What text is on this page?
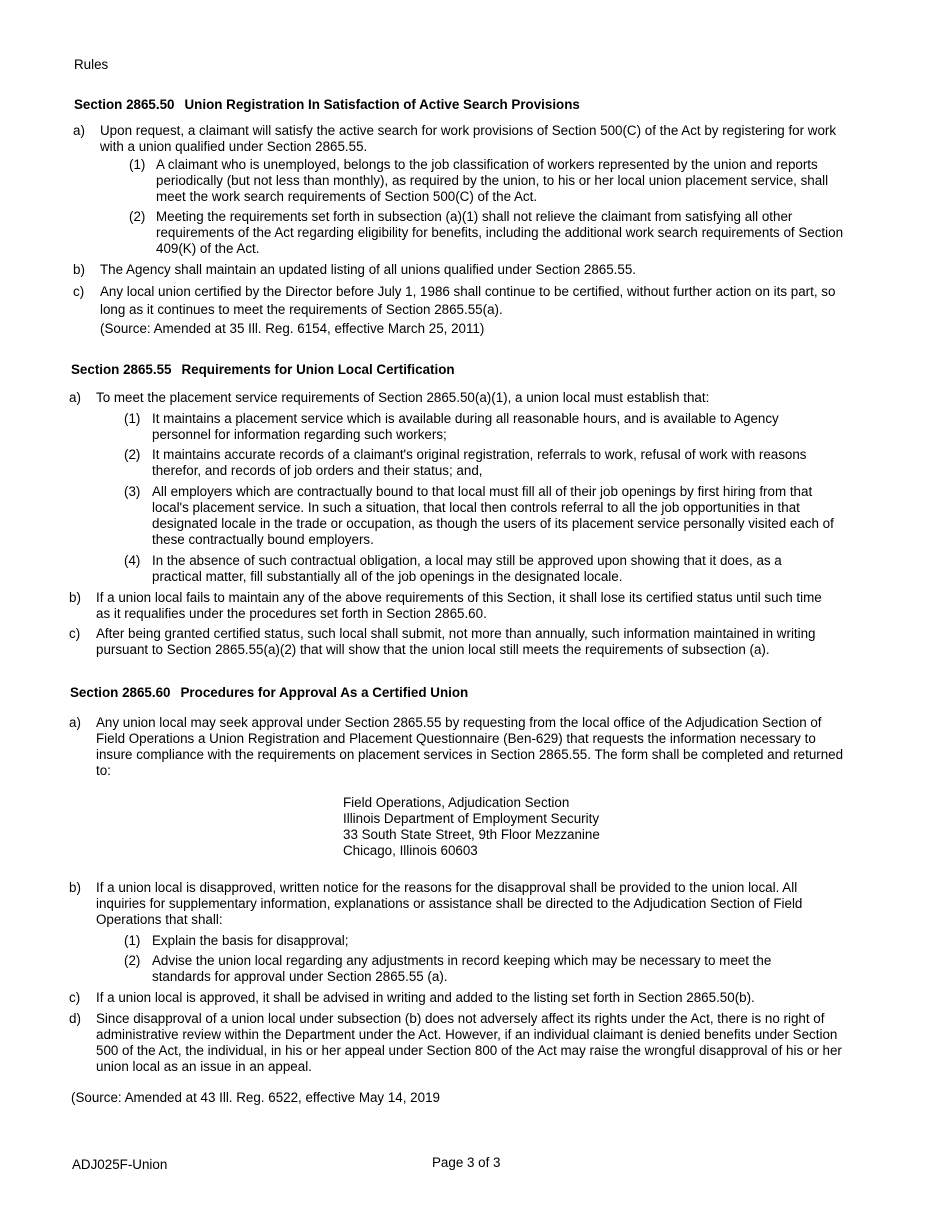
Rules
Section 2865.50 Union Registration In Satisfaction of Active Search Provisions
a) Upon request, a claimant will satisfy the active search for work provisions of Section 500(C) of the Act by registering for work with a union qualified under Section 2865.55.
(1) A claimant who is unemployed, belongs to the job classification of workers represented by the union and reports periodically (but not less than monthly), as required by the union, to his or her local union placement service, shall meet the work search requirements of Section 500(C) of the Act.
(2) Meeting the requirements set forth in subsection (a)(1) shall not relieve the claimant from satisfying all other requirements of the Act regarding eligibility for benefits, including the additional work search requirements of Section 409(K) of the Act.
b) The Agency shall maintain an updated listing of all unions qualified under Section 2865.55.
c) Any local union certified by the Director before July 1, 1986 shall continue to be certified, without further action on its part, so long as it continues to meet the requirements of Section 2865.55(a).
(Source: Amended at 35 Ill. Reg. 6154, effective March 25, 2011)
Section 2865.55 Requirements for Union Local Certification
a) To meet the placement service requirements of Section 2865.50(a)(1), a union local must establish that:
(1) It maintains a placement service which is available during all reasonable hours, and is available to Agency personnel for information regarding such workers;
(2) It maintains accurate records of a claimant's original registration, referrals to work, refusal of work with reasons therefor, and records of job orders and their status; and,
(3) All employers which are contractually bound to that local must fill all of their job openings by first hiring from that local's placement service. In such a situation, that local then controls referral to all the job opportunities in that designated locale in the trade or occupation, as though the users of its placement service personally visited each of these contractually bound employers.
(4) In the absence of such contractual obligation, a local may still be approved upon showing that it does, as a practical matter, fill substantially all of the job openings in the designated locale.
b) If a union local fails to maintain any of the above requirements of this Section, it shall lose its certified status until such time as it requalifies under the procedures set forth in Section 2865.60.
c) After being granted certified status, such local shall submit, not more than annually, such information maintained in writing pursuant to Section 2865.55(a)(2) that will show that the union local still meets the requirements of subsection (a).
Section 2865.60 Procedures for Approval As a Certified Union
a) Any union local may seek approval under Section 2865.55 by requesting from the local office of the Adjudication Section of Field Operations a Union Registration and Placement Questionnaire (Ben-629) that requests the information necessary to insure compliance with the requirements on placement services in Section 2865.55. The form shall be completed and returned to:
Field Operations, Adjudication Section
Illinois Department of Employment Security
33 South State Street, 9th Floor Mezzanine
Chicago, Illinois 60603
b) If a union local is disapproved, written notice for the reasons for the disapproval shall be provided to the union local. All inquiries for supplementary information, explanations or assistance shall be directed to the Adjudication Section of Field Operations that shall:
(1) Explain the basis for disapproval;
(2) Advise the union local regarding any adjustments in record keeping which may be necessary to meet the standards for approval under Section 2865.55 (a).
c) If a union local is approved, it shall be advised in writing and added to the listing set forth in Section 2865.50(b).
d) Since disapproval of a union local under subsection (b) does not adversely affect its rights under the Act, there is no right of administrative review within the Department under the Act. However, if an individual claimant is denied benefits under Section 500 of the Act, the individual, in his or her appeal under Section 800 of the Act may raise the wrongful disapproval of his or her union local as an issue in an appeal.
(Source: Amended at 43 Ill. Reg. 6522, effective May 14, 2019
ADJ025F-Union	Page 3 of 3
